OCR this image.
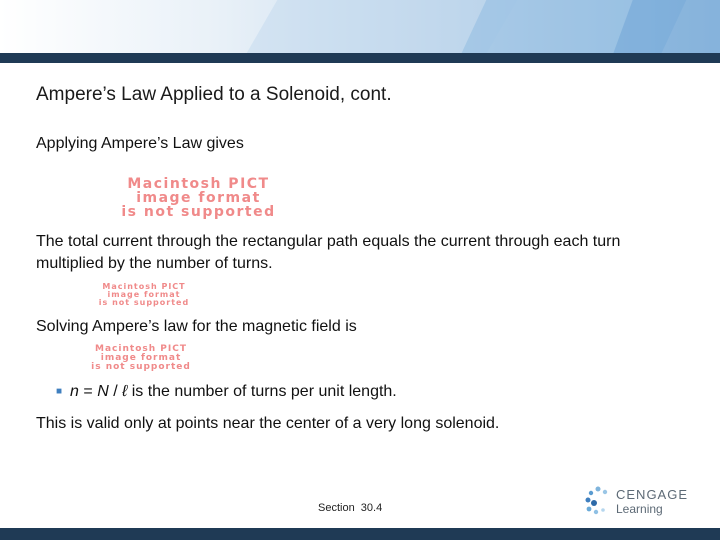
Ampere’s Law Applied to a Solenoid, cont.
Applying Ampere’s Law gives
Macintosh PICT
image format
is not supported
The total current through the rectangular path equals the current through each turn multiplied by the number of turns.
Macintosh PICT
image format
is not supported
Solving Ampere’s law for the magnetic field is
Macintosh PICT
image format
is not supported
■ n = N / ℓ is the number of turns per unit length.
This is valid only at points near the center of a very long solenoid.
Section  30.4
CENGAGE
Learning
